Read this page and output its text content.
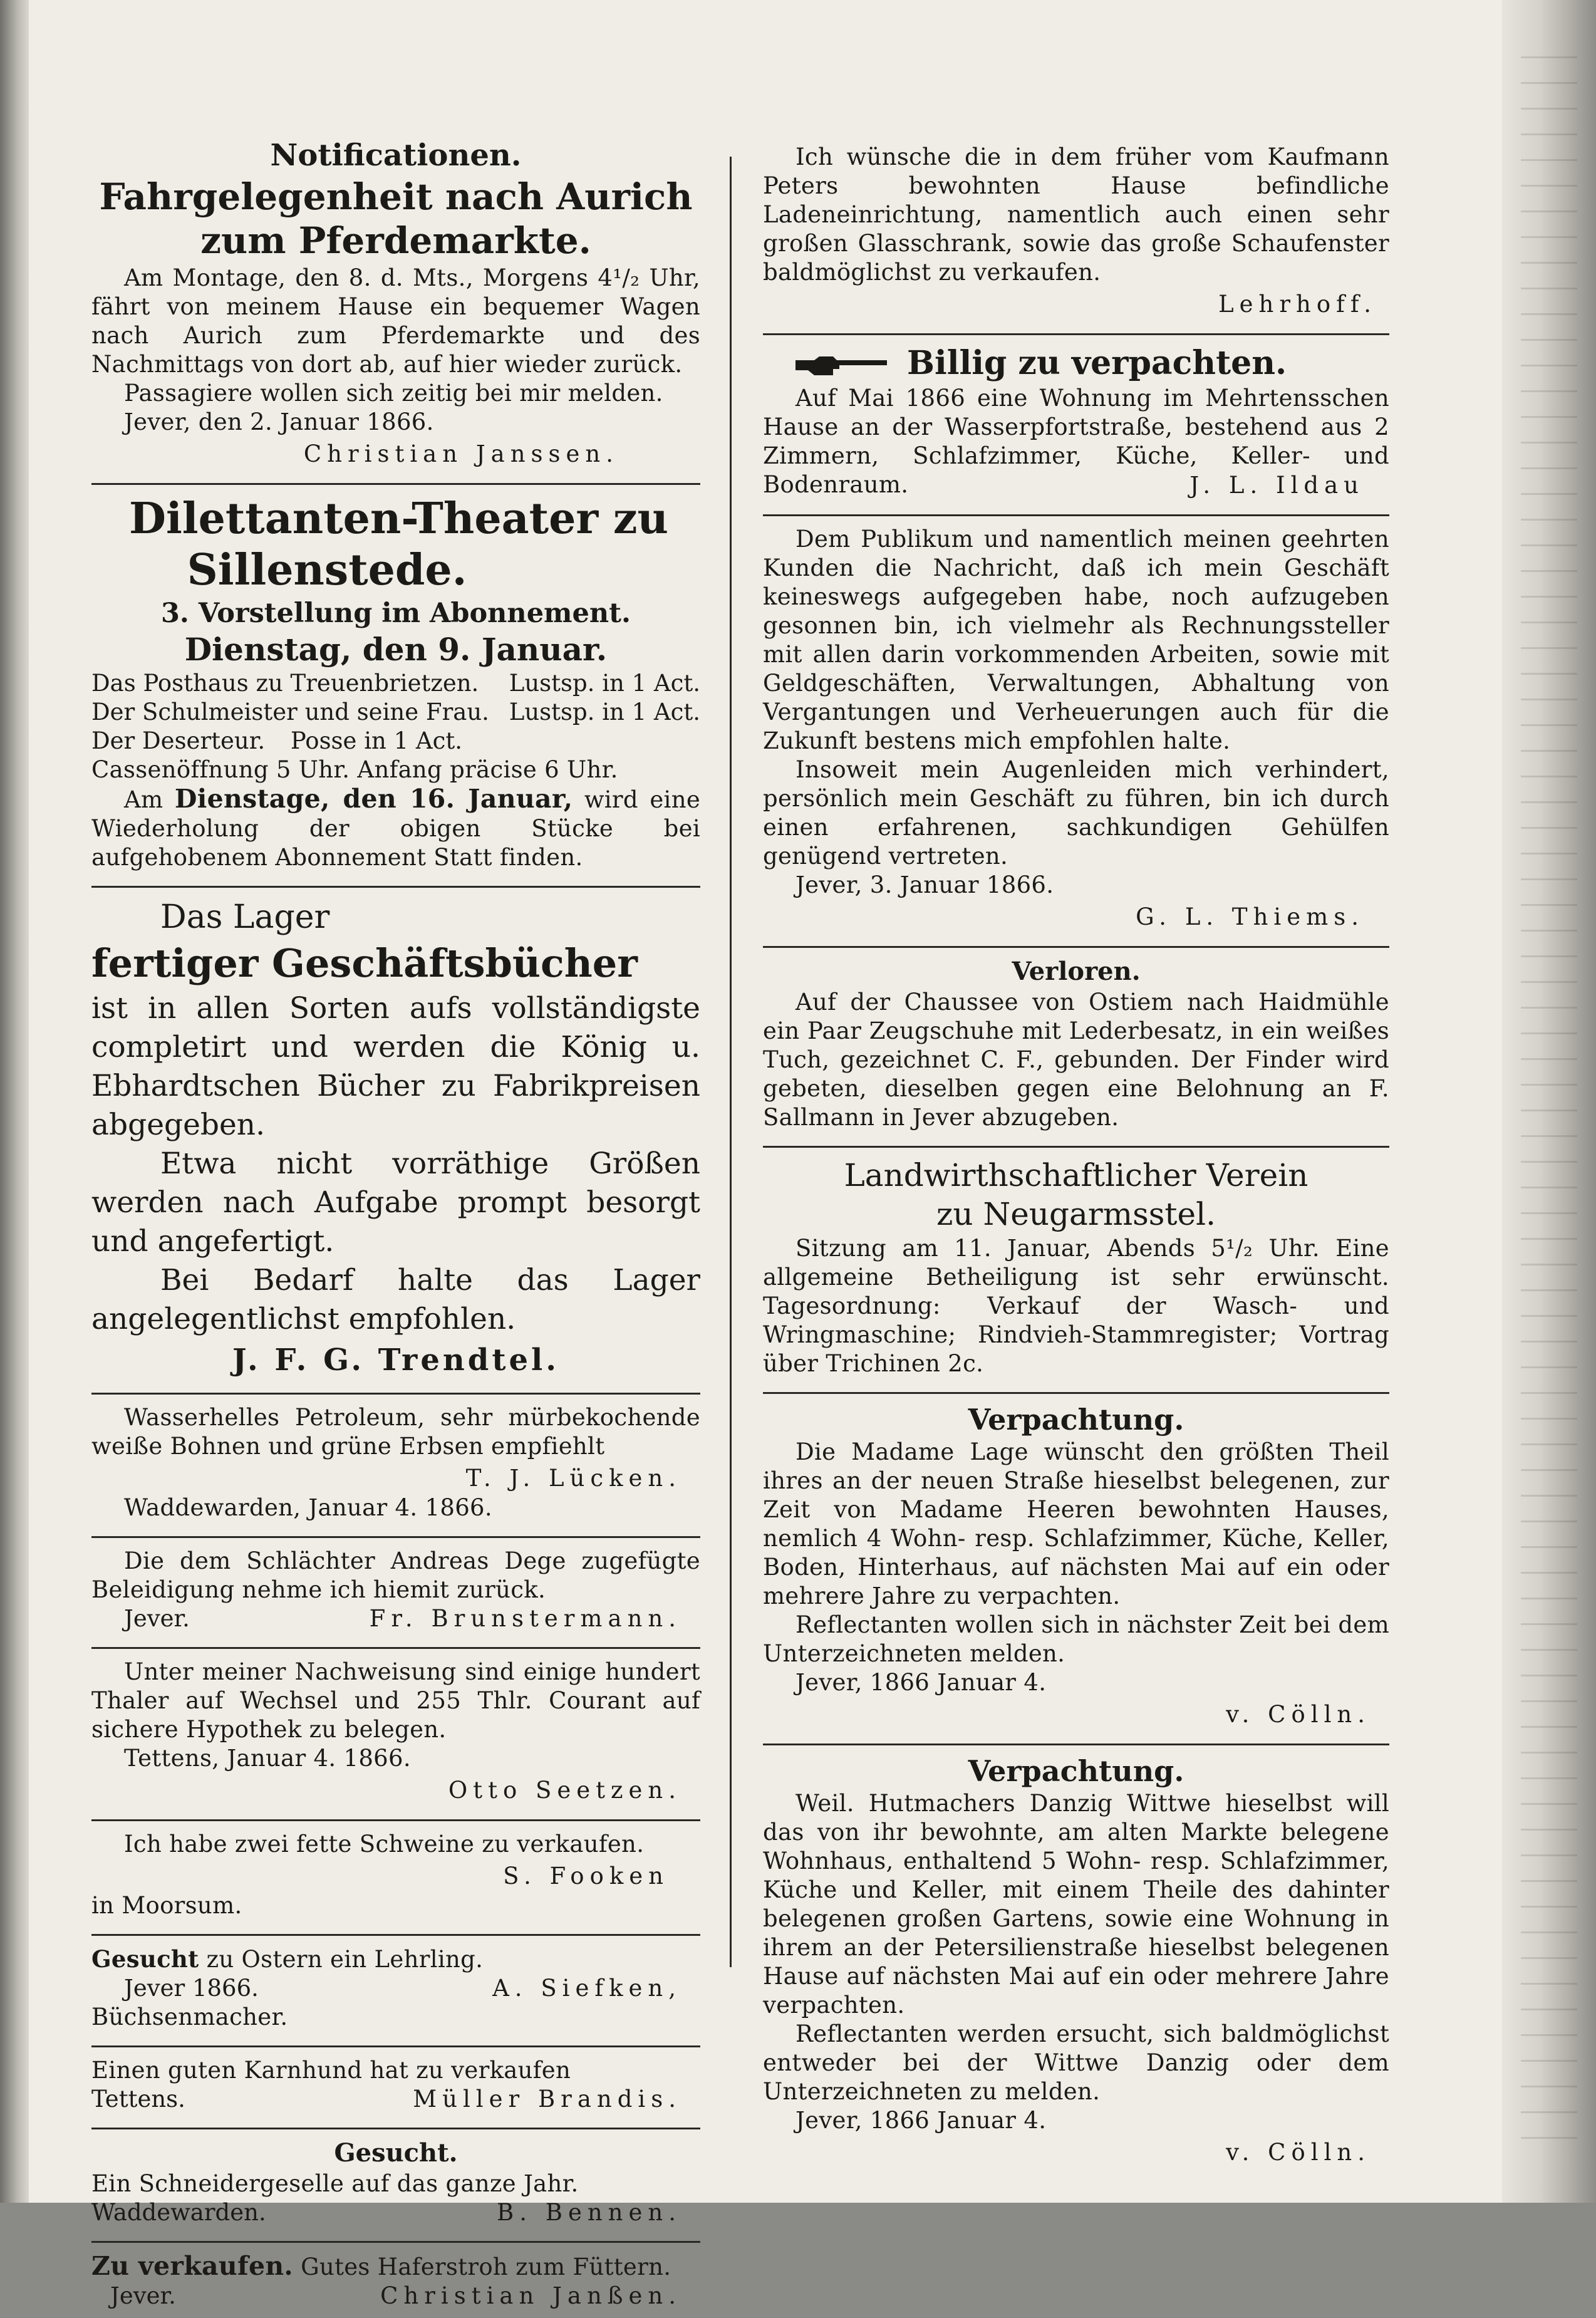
Notificationen.
Fahrgelegenheit nach Aurich
zum Pferdemarkte.

Am Montage, den 8. d. Mts., Morgens 4¹/₂ Uhr, fährt von meinem Hause ein bequemer Wagen nach Aurich zum Pferdemarkte und des Nachmittags von dort ab, auf hier wieder zurück.

Passagiere wollen sich zeitig bei mir melden.

Jever, den 2. Januar 1866.

Christian Janssen.

Dilettanten-Theater zu
Sillenstede.
3. Vorstellung im Abonnement.
Dienstag, den 9. Januar.
Das Posthaus zu Treuenbrietzen. Lustsp. in 1 Act.
Der Schulmeister und seine Frau. Lustsp. in 1 Act.
Der Deserteur. Posse in 1 Act.

Cassenöffnung 5 Uhr. Anfang präcise 6 Uhr.

Am Dienstage, den 16. Januar, wird eine Wiederholung der obigen Stücke bei aufgehobenem Abonnement Statt finden.

Das Lager
fertiger Geschäftsbücher

ist in allen Sorten aufs vollständigste completirt und werden die König u. Ebhardtschen Bücher zu Fabrikpreisen abgegeben.

Etwa nicht vorräthige Größen werden nach Aufgabe prompt besorgt und angefertigt.

Bei Bedarf halte das Lager angelegentlichst empfohlen.

J. F. G. Trendtel.

Wasserhelles Petroleum, sehr mürbekochende weiße Bohnen und grüne Erbsen empfiehlt

T. J. Lücken.

Waddewarden, Januar 4. 1866.

Die dem Schlächter Andreas Dege zugefügte Beleidigung nehme ich hiemit zurück.

Jever.	Fr. Brunstermann.

Unter meiner Nachweisung sind einige hundert Thaler auf Wechsel und 255 Thlr. Courant auf sichere Hypothek zu belegen.

Tettens, Januar 4. 1866.

Otto Seetzen.

Ich habe zwei fette Schweine zu verkaufen.

S. Fooken

in Moorsum.

Gesucht zu Ostern ein Lehrling.

Jever 1866.	A. Siefken,

Büchsenmacher.

Einen guten Karnhund hat zu verkaufen

Tettens.	Müller Brandis.
Gesucht.

Ein Schneidergeselle auf das ganze Jahr.

Waddewarden.	B. Bennen.

Zu verkaufen. Gutes Haferstroh zum Füttern.

Jever.	Christian Janßen.

Ich wünsche die in dem früher vom Kaufmann Peters bewohnten Hause befindliche Ladeneinrichtung, namentlich auch einen sehr großen Glasschrank, sowie das große Schaufenster baldmöglichst zu verkaufen.

Lehrhoff.

Billig zu verpachten.

Auf Mai 1866 eine Wohnung im Mehrtensschen Hause an der Wasserpfortstraße, bestehend aus 2 Zimmern, Schlafzimmer, Küche, Keller- und Bodenraum.	J. L. Ildau

Dem Publikum und namentlich meinen geehrten Kunden die Nachricht, daß ich mein Geschäft keineswegs aufgegeben habe, noch aufzugeben gesonnen bin, ich vielmehr als Rechnungssteller mit allen darin vorkommenden Arbeiten, sowie mit Geldgeschäften, Verwaltungen, Abhaltung von Vergantungen und Verheuerungen auch für die Zukunft bestens mich empfohlen halte.

Insoweit mein Augenleiden mich verhindert, persönlich mein Geschäft zu führen, bin ich durch einen erfahrenen, sachkundigen Gehülfen genügend vertreten.

Jever, 3. Januar 1866.

G. L. Thiems.

Verloren.

Auf der Chaussee von Ostiem nach Haidmühle ein Paar Zeugschuhe mit Lederbesatz, in ein weißes Tuch, gezeichnet C. F., gebunden. Der Finder wird gebeten, dieselben gegen eine Belohnung an F. Sallmann in Jever abzugeben.

Landwirthschaftlicher Verein
zu Neugarmsstel.

Sitzung am 11. Januar, Abends 5¹/₂ Uhr. Eine allgemeine Betheiligung ist sehr erwünscht. Tagesordnung: Verkauf der Wasch- und Wringmaschine; Rindvieh-Stammregister; Vortrag über Trichinen 2c.

Verpachtung.

Die Madame Lage wünscht den größten Theil ihres an der neuen Straße hieselbst belegenen, zur Zeit von Madame Heeren bewohnten Hauses, nemlich 4 Wohn- resp. Schlafzimmer, Küche, Keller, Boden, Hinterhaus, auf nächsten Mai auf ein oder mehrere Jahre zu verpachten.

Reflectanten wollen sich in nächster Zeit bei dem Unterzeichneten melden.

Jever, 1866 Januar 4.

v. Cölln.

Verpachtung.

Weil. Hutmachers Danzig Wittwe hieselbst will das von ihr bewohnte, am alten Markte belegene Wohnhaus, enthaltend 5 Wohn- resp. Schlafzimmer, Küche und Keller, mit einem Theile des dahinter belegenen großen Gartens, sowie eine Wohnung in ihrem an der Petersilienstraße hieselbst belegenen Hause auf nächsten Mai auf ein oder mehrere Jahre verpachten.

Reflectanten werden ersucht, sich baldmöglichst entweder bei der Wittwe Danzig oder dem Unterzeichneten zu melden.

Jever, 1866 Januar 4.

v. Cölln.
